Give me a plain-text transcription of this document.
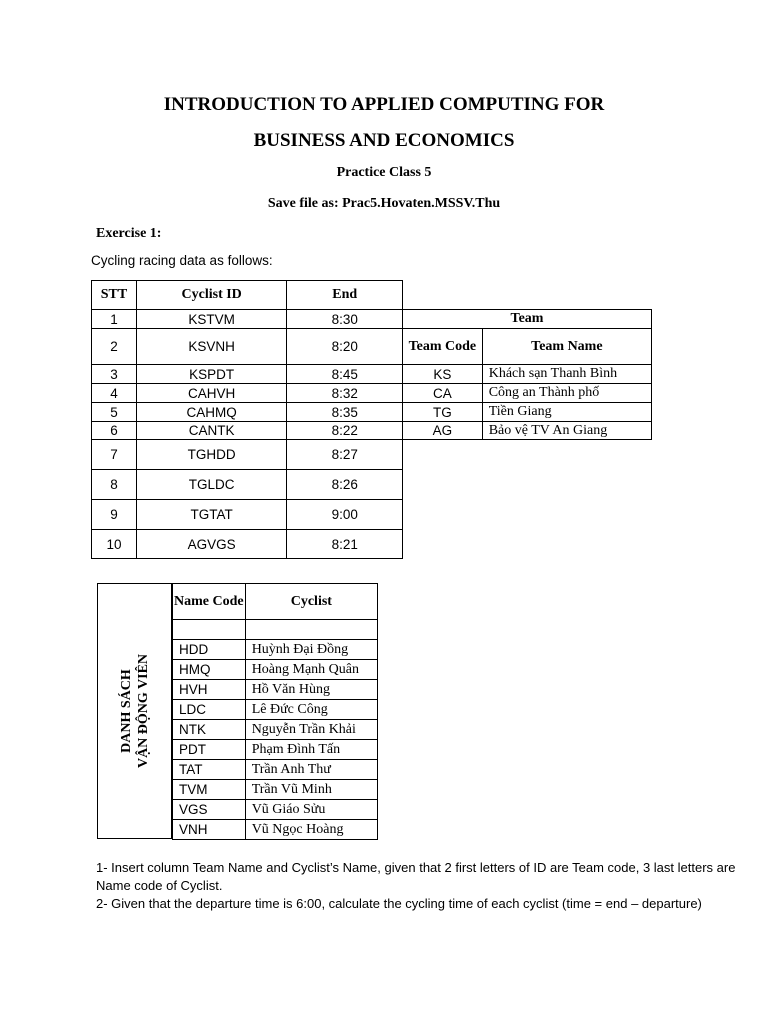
INTRODUCTION TO APPLIED COMPUTING FOR
BUSINESS AND ECONOMICS
Practice Class 5
Save file as: Prac5.Hovaten.MSSV.Thu
Exercise 1:
Cycling racing data as follows:
STT	Cyclist ID	End
1	KSTVM	8:30
2	KSVNH	8:20
3	KSPDT	8:45
4	CAHVH	8:32
5	CAHMQ	8:35
6	CANTK	8:22
7	TGHDD	8:27
8	TGLDC	8:26
9	TGTAT	9:00
10	AGVGS	8:21
Team	
Team Code	Team Name
KS	Khách sạn Thanh Bình
CA	Công an Thành phố
TG	Tiền Giang
AG	Bảo vệ TV An Giang
DANH SÁCH VẬN ĐỘNG VIÊN
Name Code	Cyclist

HDD	Huỳnh Đại Đồng
HMQ	Hoàng Mạnh Quân
HVH	Hồ Văn Hùng
LDC	Lê Đức Công
NTK	Nguyễn Trần Khải
PDT	Phạm Đình Tấn
TAT	Trần Anh Thư
TVM	Trần Vũ Minh
VGS	Vũ Giáo Sửu
VNH	Vũ Ngọc Hoàng
1- Insert column Team Name and Cyclist’s Name, given that 2 first letters of ID are Team code, 3 last letters are Name code of Cyclist.
2- Given that the departure time is 6:00, calculate the cycling time of each cyclist (time = end – departure)
